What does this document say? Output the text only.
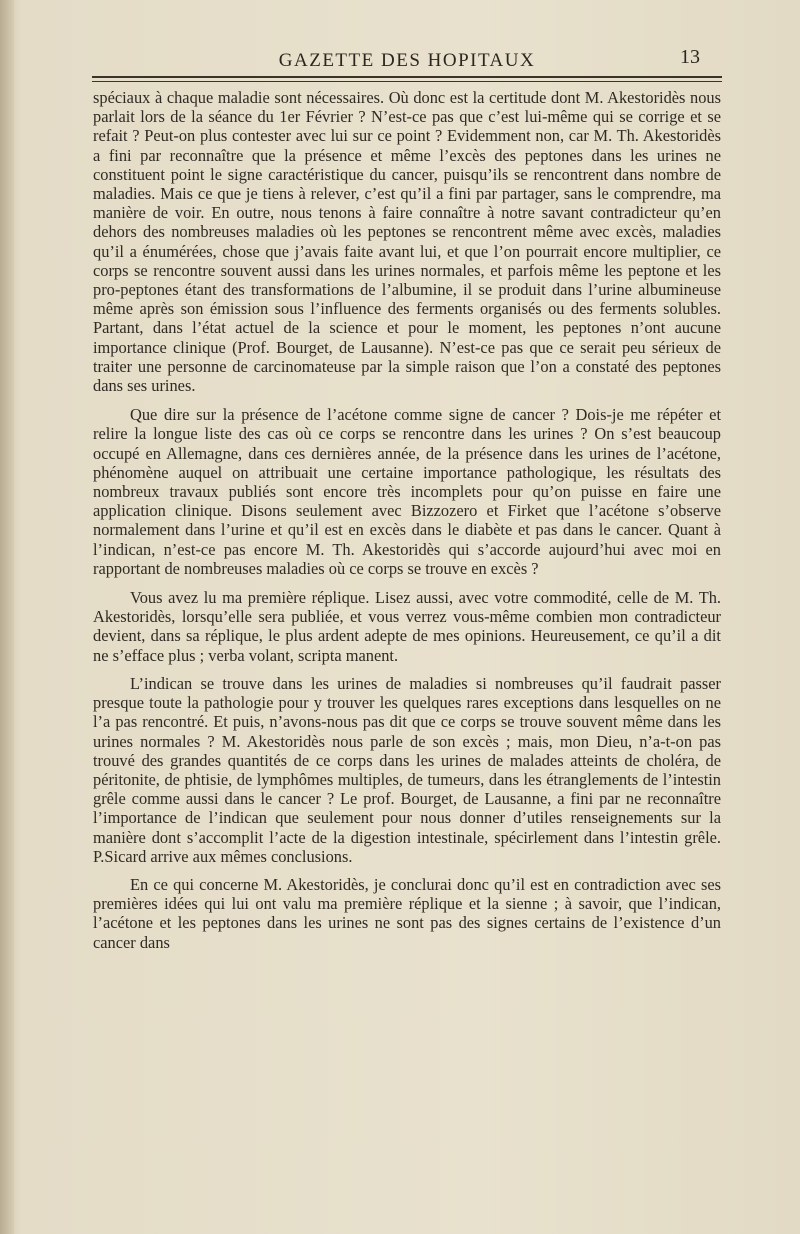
GAZETTE DES HOPITAUX	13

spéciaux à chaque maladie sont nécessaires. Où donc est la certitude dont M. Akestoridès nous parlait lors de la séance du 1er Février ? N’est-ce pas que c’est lui-même qui se corrige et se refait ? Peut-on plus contester avec lui sur ce point ? Evidemment non, car M. Th. Akestoridès a fini par reconnaître que la présence et même l’excès des peptones dans les urines ne constituent point le signe caractéristique du cancer, puisqu’ils se rencontrent dans nombre de maladies. Mais ce que je tiens à relever, c’est qu’il a fini par partager, sans le comprendre, ma manière de voir. En outre, nous tenons à faire connaître à notre savant contradicteur qu’en dehors des nombreuses maladies où les peptones se rencontrent même avec excès, maladies qu’il a énumérées, chose que j’avais faite avant lui, et que l’on pourrait encore multiplier, ce corps se rencontre souvent aussi dans les urines normales, et parfois même les peptone et les pro-peptones étant des transformations de l’albumine, il se produit dans l’urine albumineuse même après son émission sous l’influence des ferments organisés ou des ferments solubles. Partant, dans l’état actuel de la science et pour le moment, les peptones n’ont aucune importance clinique (Prof. Bourget, de Lausanne). N’est-ce pas que ce serait peu sérieux de traiter une personne de carcinomateuse par la simple raison que l’on a constaté des peptones dans ses urines.

Que dire sur la présence de l’acétone comme signe de cancer ? Dois-je me répéter et relire la longue liste des cas où ce corps se rencontre dans les urines ? On s’est beaucoup occupé en Allemagne, dans ces dernières année, de la présence dans les urines de l’acétone, phénomène auquel on attribuait une certaine importance pathologique, les résultats des nombreux travaux publiés sont encore très incomplets pour qu’on puisse en faire une application clinique. Disons seulement avec Bizzozero et Firket que l’acétone s’observe normalement dans l’urine et qu’il est en excès dans le diabète et pas dans le cancer. Quant à l’indican, n’est-ce pas encore M. Th. Akestoridès qui s’accorde aujourd’hui avec moi en rapportant de nombreuses maladies où ce corps se trouve en excès ?

Vous avez lu ma première réplique. Lisez aussi, avec votre commodité, celle de M. Th. Akestoridès, lorsqu’elle sera publiée, et vous verrez vous-même combien mon contradicteur devient, dans sa réplique, le plus ardent adepte de mes opinions. Heureusement, ce qu’il a dit ne s’efface plus ; verba volant, scripta manent.

L’indican se trouve dans les urines de maladies si nombreuses qu’il faudrait passer presque toute la pathologie pour y trouver les quelques rares exceptions dans lesquelles on ne l’a pas rencontré. Et puis, n’avons-nous pas dit que ce corps se trouve souvent même dans les urines normales ? M. Akestoridès nous parle de son excès ; mais, mon Dieu, n’a-t-on pas trouvé des grandes quantités de ce corps dans les urines de malades atteints de choléra, de péritonite, de phtisie, de lymphômes multiples, de tumeurs, dans les étranglements de l’intestin grêle comme aussi dans le cancer ? Le prof. Bourget, de Lausanne, a fini par ne reconnaître l’importance de l’indican que seulement pour nous donner d’utiles renseignements sur la manière dont s’accomplit l’acte de la digestion intestinale, spécirlement dans l’intestin grêle. P.Sicard arrive aux mêmes conclusions.

En ce qui concerne M. Akestoridès, je conclurai donc qu’il est en contradiction avec ses premières idées qui lui ont valu ma première réplique et la sienne ; à savoir, que l’indican, l’acétone et les peptones dans les urines ne sont pas des signes certains de l’existence d’un cancer dans
